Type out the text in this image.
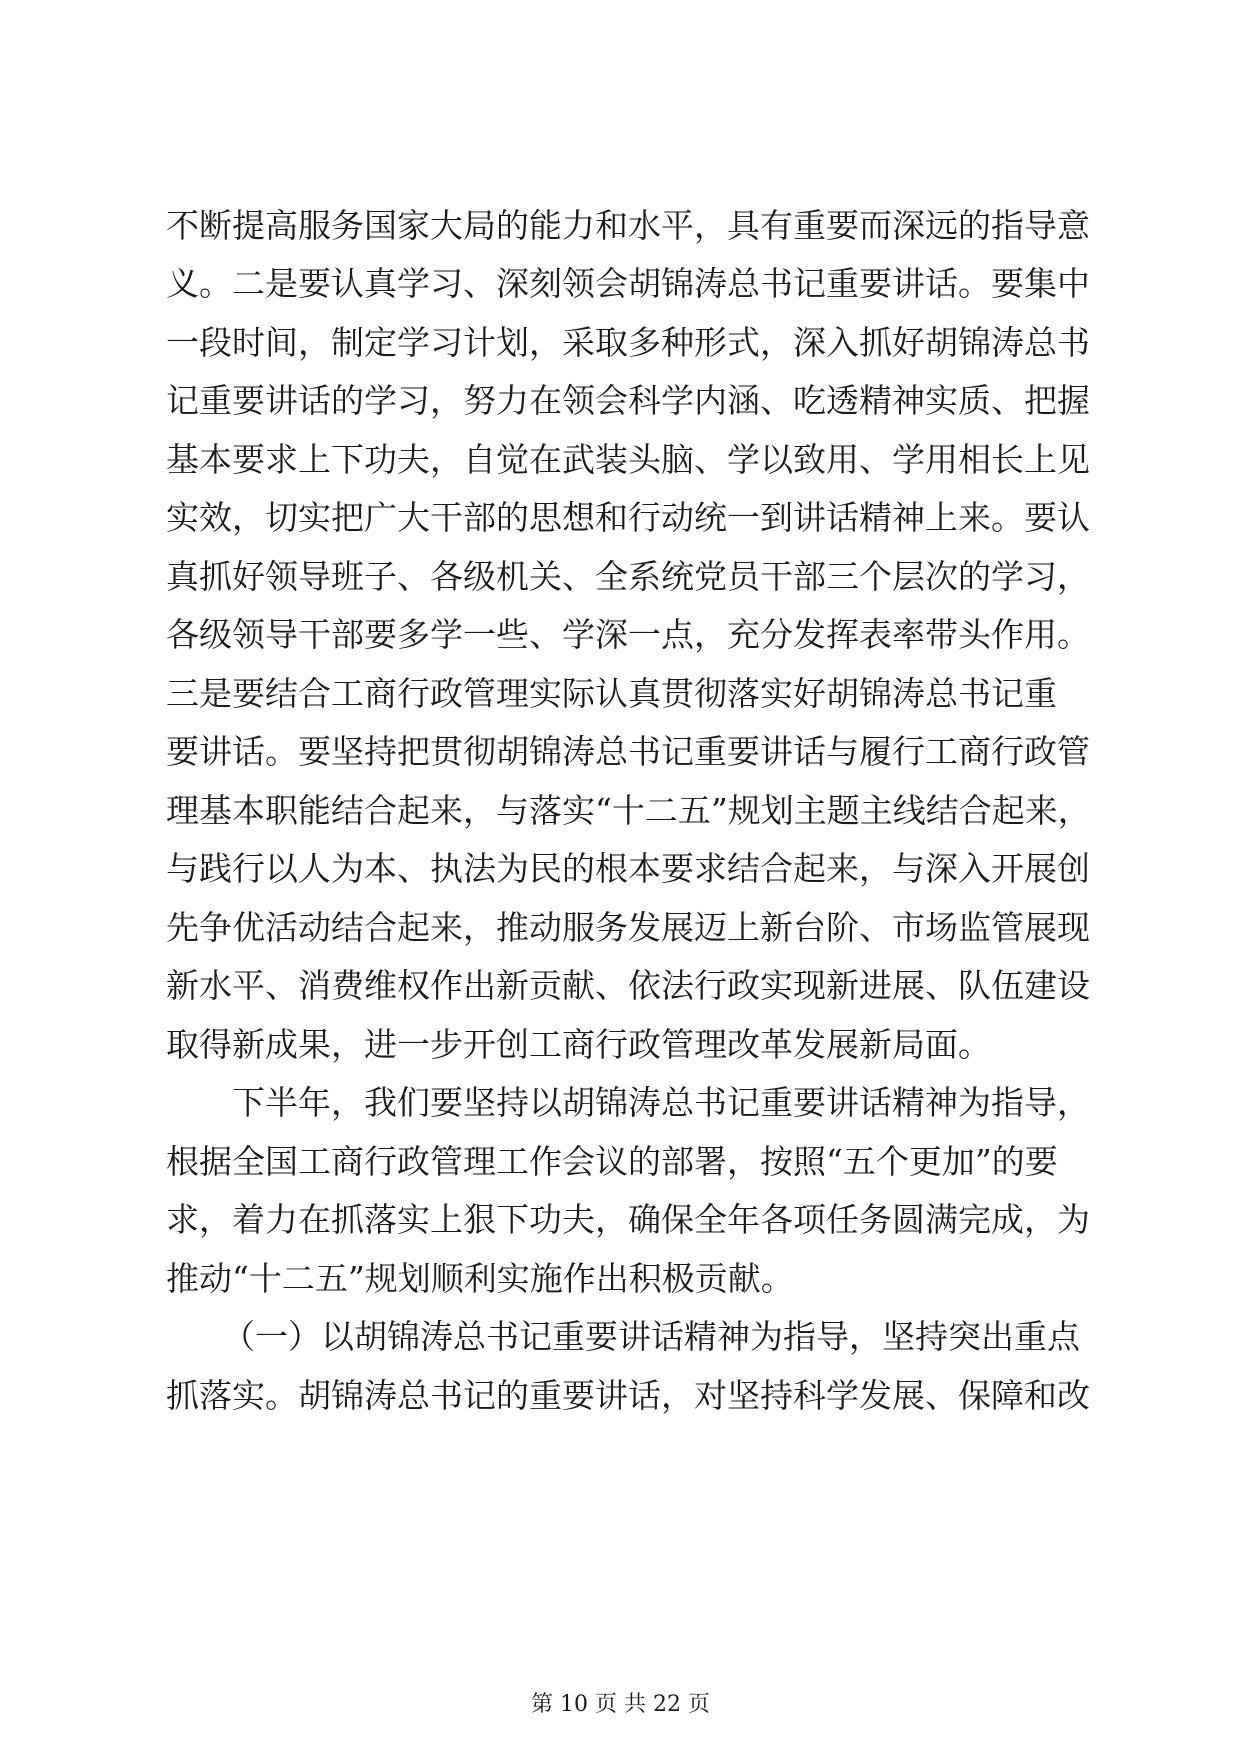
不断提高服务国家大局的能力和水平，具有重要而深远的指导意
义。二是要认真学习、深刻领会胡锦涛总书记重要讲话。要集中
一段时间，制定学习计划，采取多种形式，深入抓好胡锦涛总书
记重要讲话的学习，努力在领会科学内涵、吃透精神实质、把握
基本要求上下功夫，自觉在武装头脑、学以致用、学用相长上见
实效，切实把广大干部的思想和行动统一到讲话精神上来。要认
真抓好领导班子、各级机关、全系统党员干部三个层次的学习，
各级领导干部要多学一些、学深一点，充分发挥表率带头作用。
三是要结合工商行政管理实际认真贯彻落实好胡锦涛总书记重
要讲话。要坚持把贯彻胡锦涛总书记重要讲话与履行工商行政管
理基本职能结合起来，与落实“十二五”规划主题主线结合起来，
与践行以人为本、执法为民的根本要求结合起来，与深入开展创
先争优活动结合起来，推动服务发展迈上新台阶、市场监管展现
新水平、消费维权作出新贡献、依法行政实现新进展、队伍建设
取得新成果，进一步开创工商行政管理改革发展新局面。
下半年，我们要坚持以胡锦涛总书记重要讲话精神为指导，
根据全国工商行政管理工作会议的部署，按照“五个更加”的要
求，着力在抓落实上狠下功夫，确保全年各项任务圆满完成，为
推动“十二五”规划顺利实施作出积极贡献。
（一）以胡锦涛总书记重要讲话精神为指导，坚持突出重点
抓落实。胡锦涛总书记的重要讲话，对坚持科学发展、保障和改
第 10 页 共 22 页
